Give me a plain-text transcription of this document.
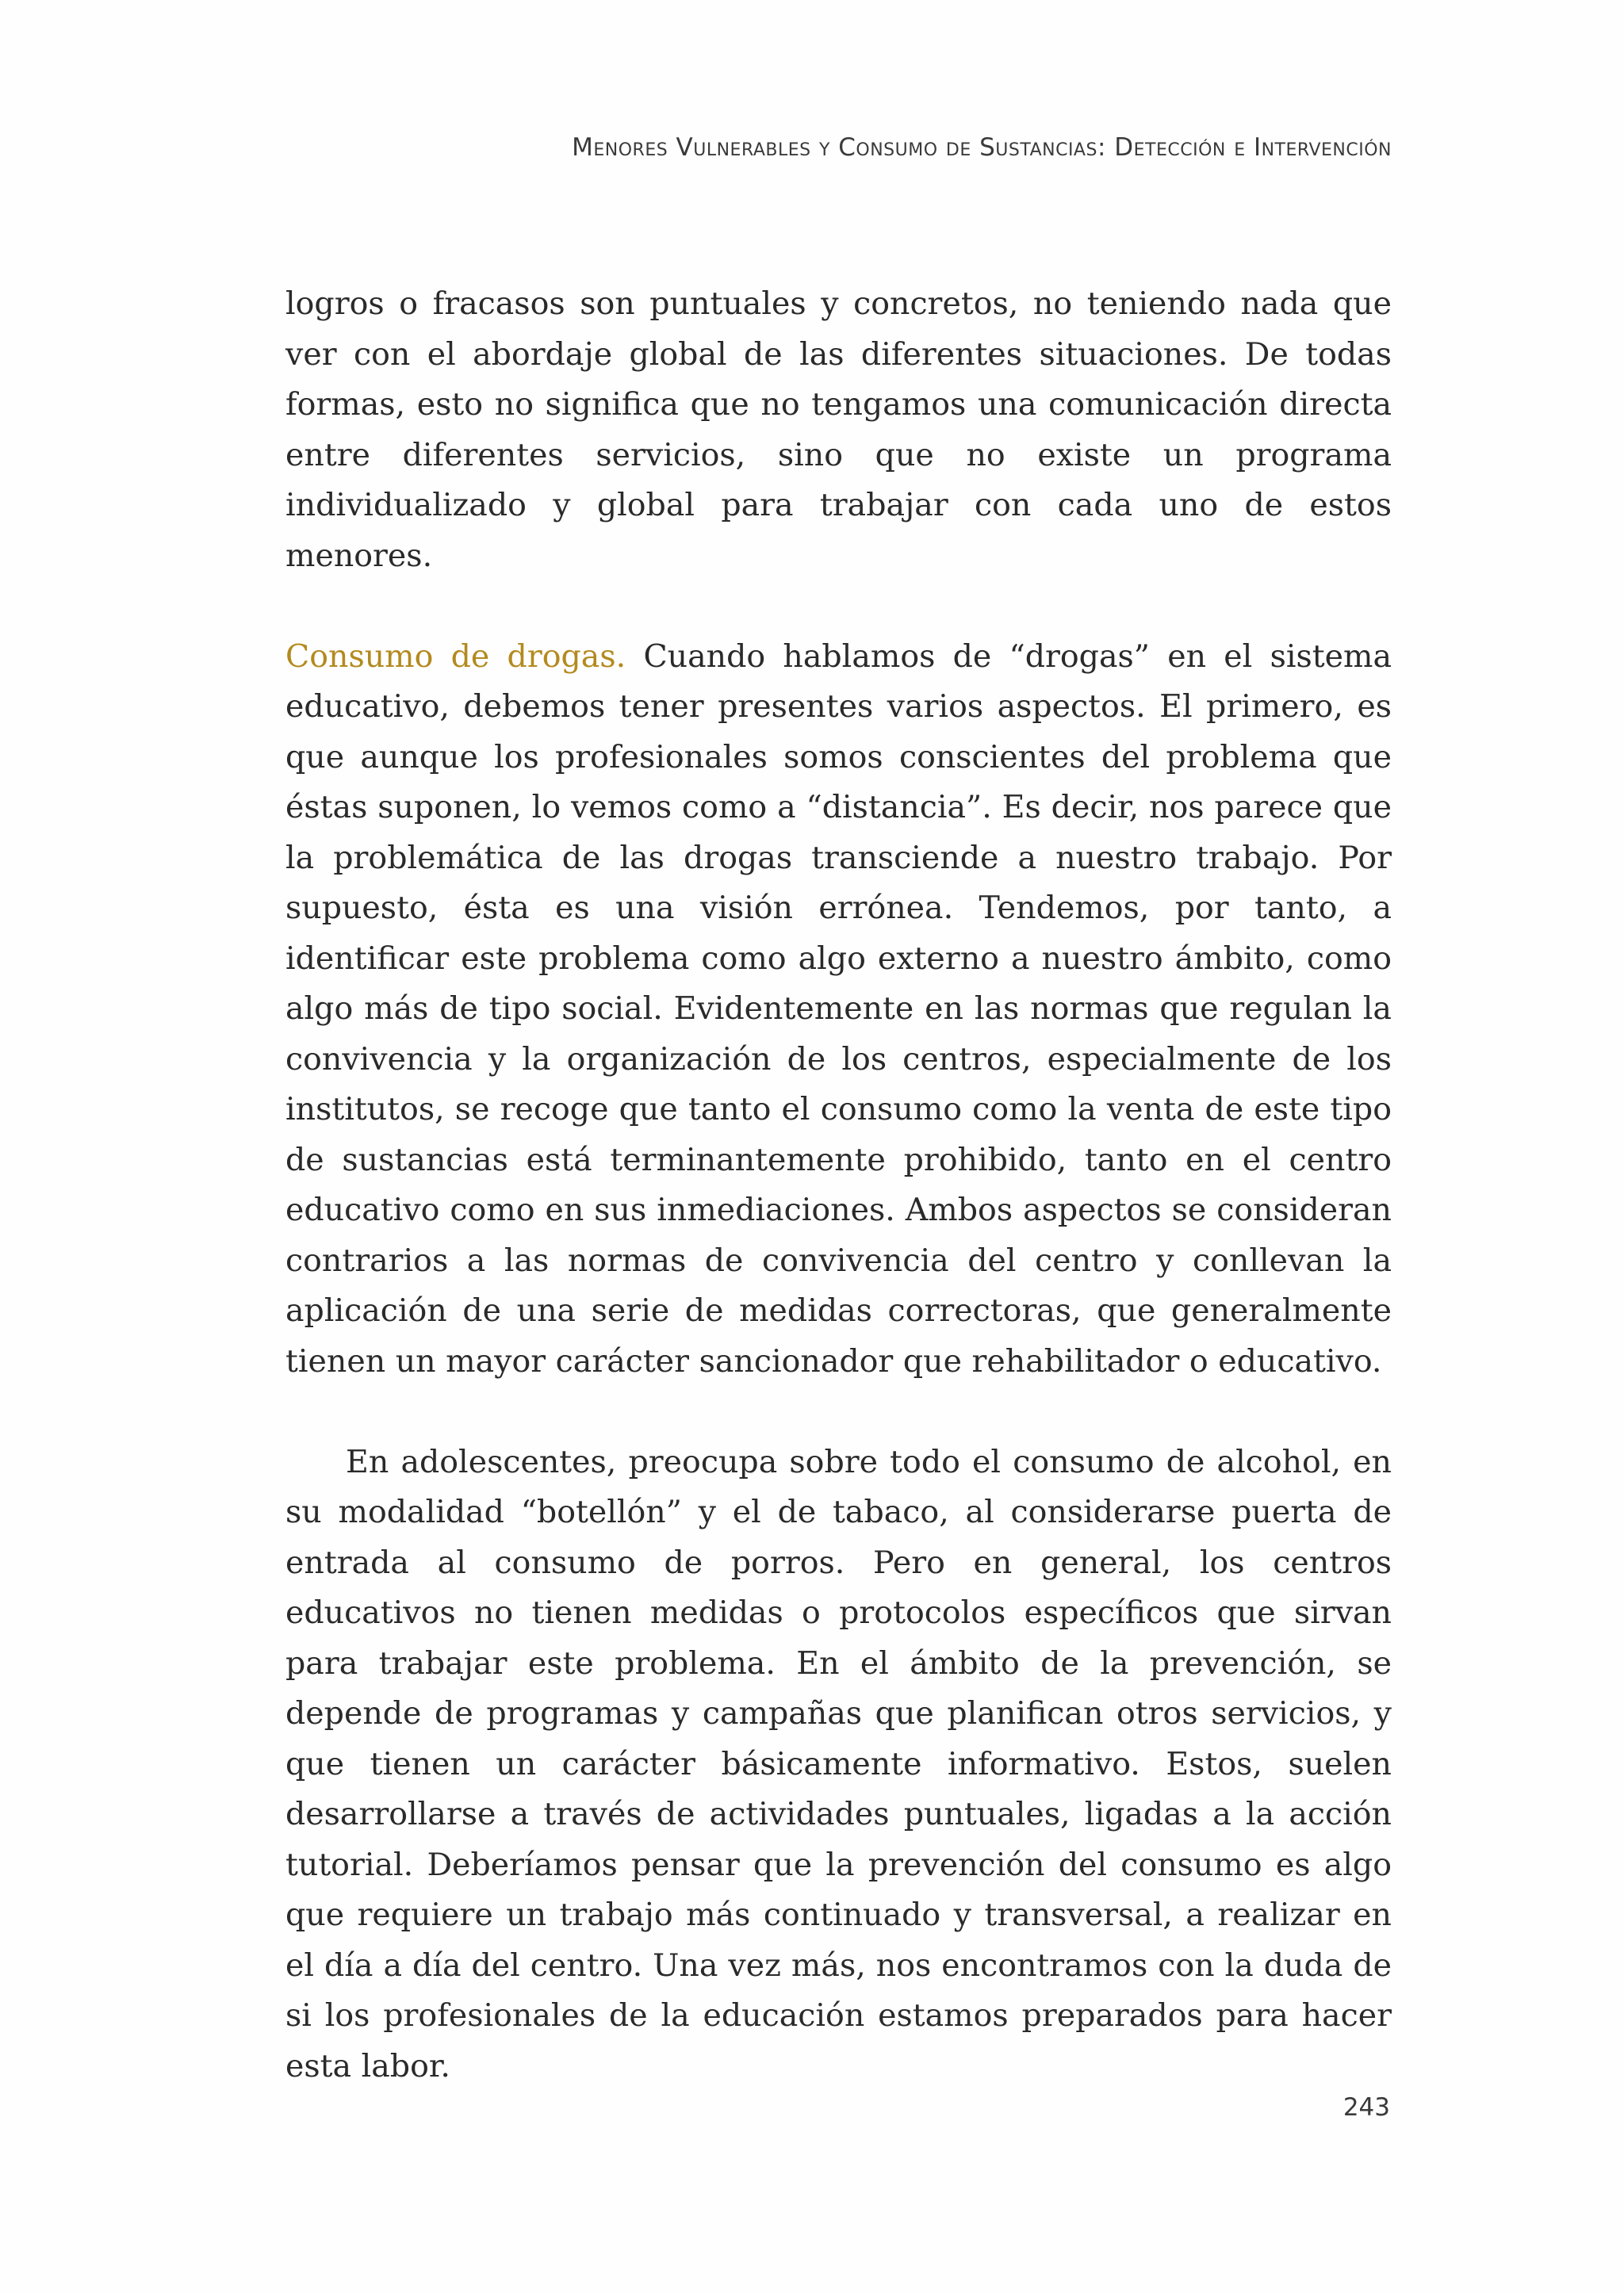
Menores Vulnerables y Consumo de Sustancias: Detección e Intervención

logros o fracasos son puntuales y concretos, no teniendo nada que ver con el abordaje global de las diferentes situaciones. De todas formas, esto no significa que no tengamos una comunicación directa entre diferentes servicios, sino que no existe un programa individualizado y global para trabajar con cada uno de estos menores.

Consumo de drogas. Cuando hablamos de “drogas” en el sistema educativo, debemos tener presentes varios aspectos. El primero, es que aunque los profesionales somos conscientes del problema que éstas suponen, lo vemos como a “distancia”. Es decir, nos parece que la problemática de las drogas transciende a nuestro trabajo. Por supuesto, ésta es una visión errónea. Tendemos, por tanto, a identificar este problema como algo externo a nuestro ámbito, como algo más de tipo social. Evidentemente en las normas que regulan la convivencia y la organización de los centros, especialmente de los institutos, se recoge que tanto el consumo como la venta de este tipo de sustancias está terminantemente prohibido, tanto en el centro educativo como en sus inmediaciones. Ambos aspectos se consideran contrarios a las normas de convivencia del centro y conllevan la aplicación de una serie de medidas correctoras, que generalmente tienen un mayor carácter sancionador que rehabilitador o educativo.

En adolescentes, preocupa sobre todo el consumo de alcohol, en su modalidad “botellón” y el de tabaco, al considerarse puerta de entrada al consumo de porros. Pero en general, los centros educativos no tienen medidas o protocolos específicos que sirvan para trabajar este problema. En el ámbito de la prevención, se depende de programas y campañas que planifican otros servicios, y que tienen un carácter básicamente informativo. Estos, suelen desarrollarse a través de actividades puntuales, ligadas a la acción tutorial. Deberíamos pensar que la prevención del consumo es algo que requiere un trabajo más continuado y transversal, a realizar en el día a día del centro. Una vez más, nos encontramos con la duda de si los profesionales de la educación estamos preparados para hacer esta labor.

243
